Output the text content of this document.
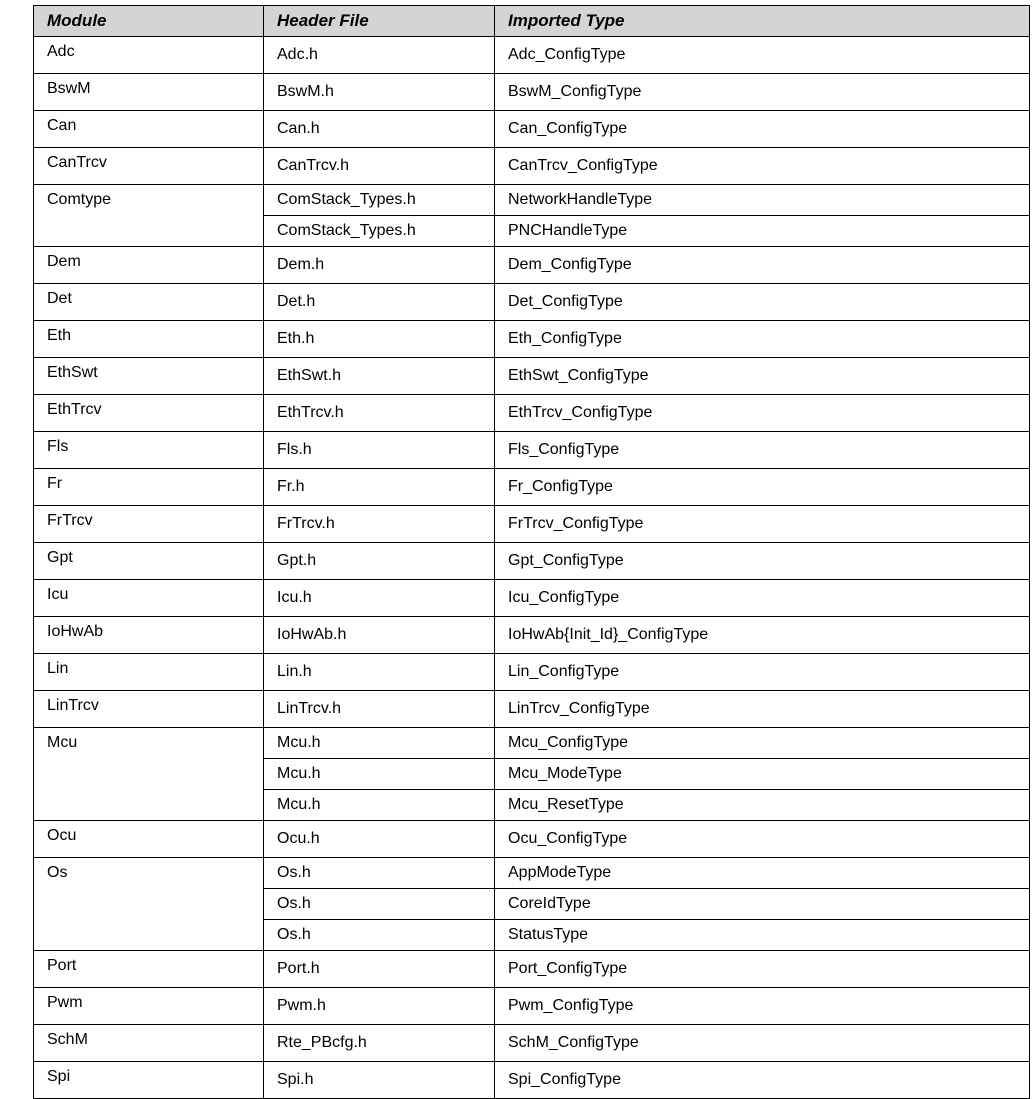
Module	Header File	Imported Type
Adc	Adc.h	Adc_ConfigType
BswM	BswM.h	BswM_ConfigType
Can	Can.h	Can_ConfigType
CanTrcv	CanTrcv.h	CanTrcv_ConfigType
Comtype	ComStack_Types.h	NetworkHandleType
	ComStack_Types.h	PNCHandleType
Dem	Dem.h	Dem_ConfigType
Det	Det.h	Det_ConfigType
Eth	Eth.h	Eth_ConfigType
EthSwt	EthSwt.h	EthSwt_ConfigType
EthTrcv	EthTrcv.h	EthTrcv_ConfigType
Fls	Fls.h	Fls_ConfigType
Fr	Fr.h	Fr_ConfigType
FrTrcv	FrTrcv.h	FrTrcv_ConfigType
Gpt	Gpt.h	Gpt_ConfigType
Icu	Icu.h	Icu_ConfigType
IoHwAb	IoHwAb.h	IoHwAb{Init_Id}_ConfigType
Lin	Lin.h	Lin_ConfigType
LinTrcv	LinTrcv.h	LinTrcv_ConfigType
Mcu	Mcu.h	Mcu_ConfigType
	Mcu.h	Mcu_ModeType
	Mcu.h	Mcu_ResetType
Ocu	Ocu.h	Ocu_ConfigType
Os	Os.h	AppModeType
	Os.h	CoreIdType
	Os.h	StatusType
Port	Port.h	Port_ConfigType
Pwm	Pwm.h	Pwm_ConfigType
SchM	Rte_PBcfg.h	SchM_ConfigType
Spi	Spi.h	Spi_ConfigType
